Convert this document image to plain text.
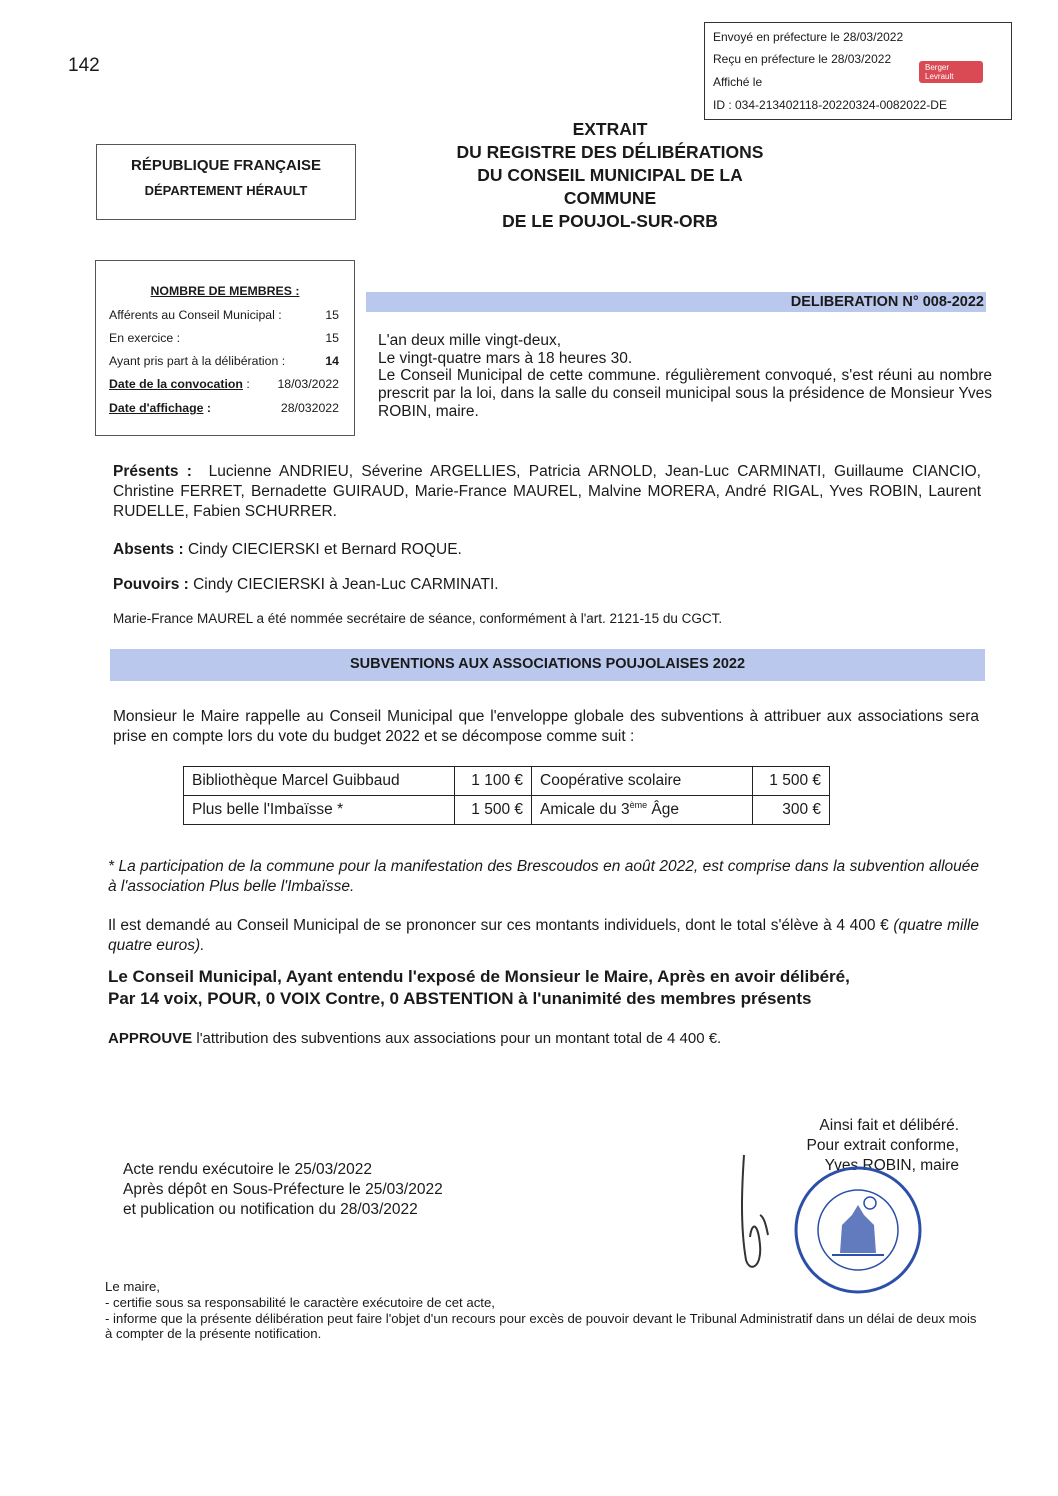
142
Envoyé en préfecture le 28/03/2022
Reçu en préfecture le 28/03/2022
Affiché le
ID : 034-213402118-20220324-0082022-DE
Berger
Levrault
RÉPUBLIQUE FRANÇAISE
DÉPARTEMENT HÉRAULT
EXTRAIT
DU REGISTRE DES DÉLIBÉRATIONS
DU CONSEIL MUNICIPAL DE LA
COMMUNE
DE LE POUJOL-SUR-ORB
NOMBRE DE MEMBRES :
Afférents au Conseil Municipal :	15
En exercice :	15
Ayant pris part à la délibération :	14
Date de la convocation : 18/03/2022
Date d'affichage :	28/032022
DELIBERATION N° 008-2022
L'an deux mille vingt-deux,
Le vingt-quatre mars à 18 heures 30.
Le Conseil Municipal de cette commune. régulièrement convoqué, s'est réuni au nombre prescrit par la loi, dans la salle du conseil municipal sous la présidence de Monsieur Yves ROBIN, maire.
Présents : Lucienne ANDRIEU, Séverine ARGELLIES, Patricia ARNOLD, Jean-Luc CARMINATI, Guillaume CIANCIO, Christine FERRET, Bernadette GUIRAUD, Marie-France MAUREL, Malvine MORERA, André RIGAL, Yves ROBIN, Laurent RUDELLE, Fabien SCHURRER.
Absents : Cindy CIECIERSKI et Bernard ROQUE.
Pouvoirs : Cindy CIECIERSKI à Jean-Luc CARMINATI.
Marie-France MAUREL a été nommée secrétaire de séance, conformément à l'art. 2121-15 du CGCT.
SUBVENTIONS AUX ASSOCIATIONS POUJOLAISES 2022
Monsieur le Maire rappelle au Conseil Municipal que l'enveloppe globale des subventions à attribuer aux associations sera prise en compte lors du vote du budget 2022 et se décompose comme suit :
Bibliothèque Marcel Guibbaud	1 100 €	Coopérative scolaire	1 500 €
Plus belle l'Imbaïsse *	1 500 €	Amicale du 3ème Âge	300 €
* La participation de la commune pour la manifestation des Brescoudos en août 2022, est comprise dans la subvention allouée à l'association Plus belle l'Imbaïsse.
Il est demandé au Conseil Municipal de se prononcer sur ces montants individuels, dont le total s'élève à 4 400 € (quatre mille quatre euros).
Le Conseil Municipal, Ayant entendu l'exposé de Monsieur le Maire, Après en avoir délibéré,
Par 14 voix, POUR, 0 VOIX Contre, 0 ABSTENTION à l'unanimité des membres présents
APPROUVE l'attribution des subventions aux associations pour un montant total de 4 400 €.
Ainsi fait et délibéré.
Pour extrait conforme,
Yves ROBIN, maire
Acte rendu exécutoire le 25/03/2022
Après dépôt en Sous-Préfecture le 25/03/2022
et publication ou notification du 28/03/2022
Le maire,
- certifie sous sa responsabilité le caractère exécutoire de cet acte,
- informe que la présente délibération peut faire l'objet d'un recours pour excès de pouvoir devant le Tribunal Administratif dans un délai de deux mois à compter de la présente notification.
